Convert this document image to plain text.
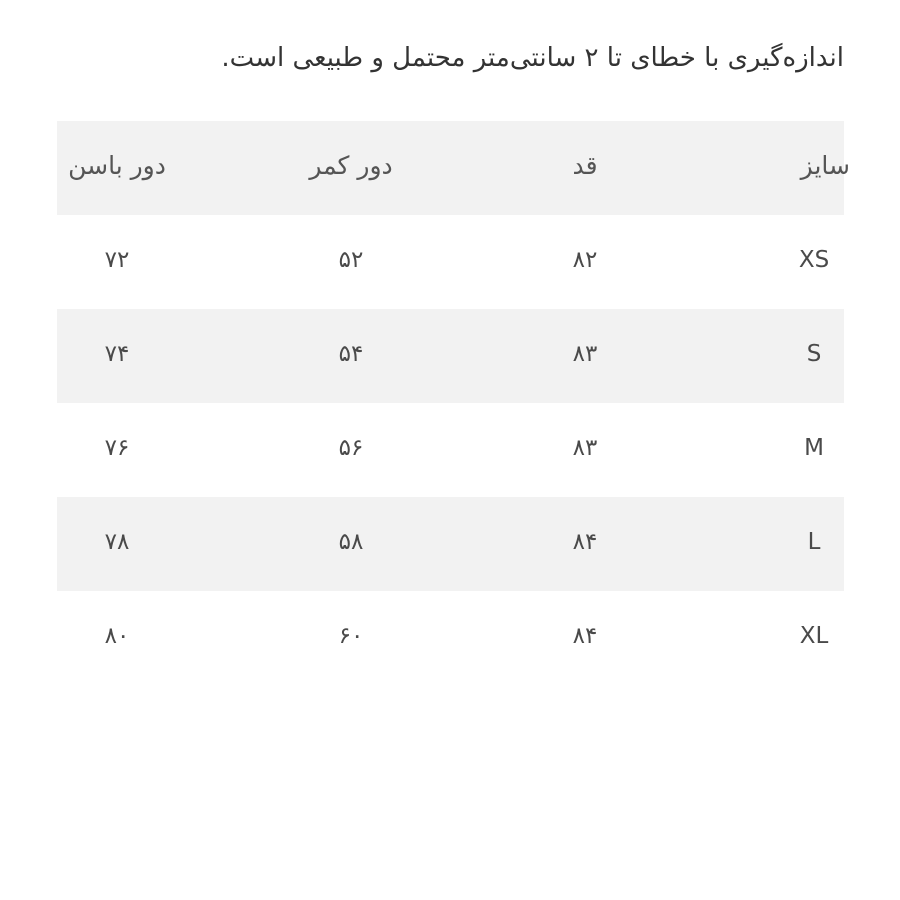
اندازه‌گیری با خطای تا ۲ سانتی‌متر محتمل و طبیعی است.
سایز
قد
دور کمر
دور باسن
XS
۸۲
۵۲
۷۲
S
۸۳
۵۴
۷۴
M
۸۳
۵۶
۷۶
L
۸۴
۵۸
۷۸
XL
۸۴
۶۰
۸۰
